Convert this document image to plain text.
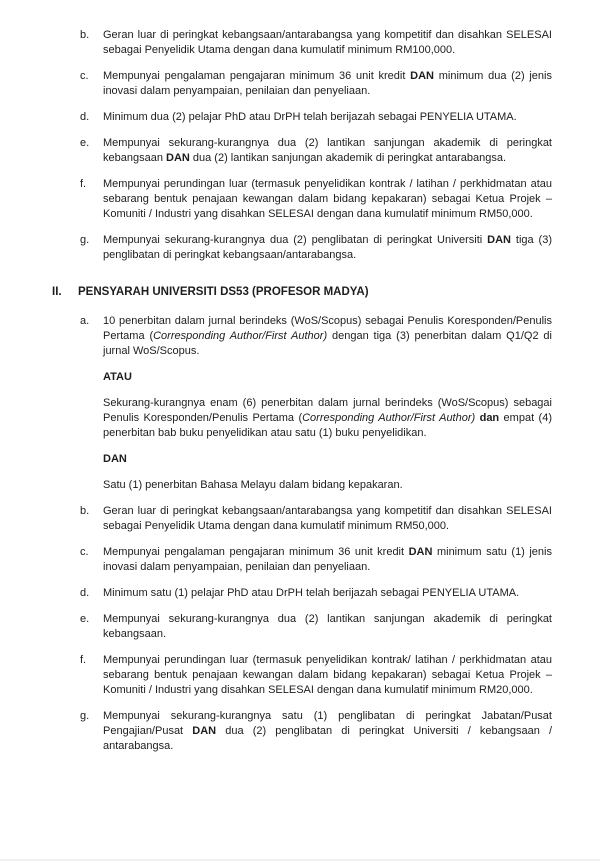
b.	Geran luar di peringkat kebangsaan/antarabangsa yang kompetitif dan disahkan SELESAI sebagai Penyelidik Utama dengan dana kumulatif minimum RM100,000.

c.	Mempunyai pengalaman pengajaran minimum 36 unit kredit DAN minimum dua (2) jenis inovasi dalam penyampaian, penilaian dan penyeliaan.

d.	Minimum dua (2) pelajar PhD atau DrPH telah berijazah sebagai PENYELIA UTAMA.

e.	Mempunyai sekurang-kurangnya dua (2) lantikan sanjungan akademik di peringkat kebangsaan DAN dua (2) lantikan sanjungan akademik di peringkat antarabangsa.

f.	Mempunyai perundingan luar (termasuk penyelidikan kontrak / latihan / perkhidmatan atau sebarang bentuk penajaan kewangan dalam bidang kepakaran) sebagai Ketua Projek – Komuniti / Industri yang disahkan SELESAI dengan dana kumulatif minimum RM50,000.

g.	Mempunyai sekurang-kurangnya dua (2) penglibatan di peringkat Universiti DAN tiga (3) penglibatan di peringkat kebangsaan/antarabangsa.

II.	PENSYARAH UNIVERSITI DS53 (PROFESOR MADYA)
a.	10 penerbitan dalam jurnal berindeks (WoS/Scopus) sebagai Penulis Koresponden/Penulis Pertama (Corresponding Author/First Author) dengan tiga (3) penerbitan dalam Q1/Q2 di jurnal WoS/Scopus.

ATAU

Sekurang-kurangnya enam (6) penerbitan dalam jurnal berindeks (WoS/Scopus) sebagai Penulis Koresponden/Penulis Pertama (Corresponding Author/First Author) dan empat (4) penerbitan bab buku penyelidikan atau satu (1) buku penyelidikan.

DAN

Satu (1) penerbitan Bahasa Melayu dalam bidang kepakaran.

b.	Geran luar di peringkat kebangsaan/antarabangsa yang kompetitif dan disahkan SELESAI sebagai Penyelidik Utama dengan dana kumulatif minimum RM50,000.

c.	Mempunyai pengalaman pengajaran minimum 36 unit kredit DAN minimum satu (1) jenis inovasi dalam penyampaian, penilaian dan penyeliaan.

d.	Minimum satu (1) pelajar PhD atau DrPH telah berijazah sebagai PENYELIA UTAMA.

e.	Mempunyai sekurang-kurangnya dua (2) lantikan sanjungan akademik di peringkat kebangsaan.

f.	Mempunyai perundingan luar (termasuk penyelidikan kontrak/ latihan / perkhidmatan atau sebarang bentuk penajaan kewangan dalam bidang kepakaran) sebagai Ketua Projek – Komuniti / Industri yang disahkan SELESAI dengan dana kumulatif minimum RM20,000.

g.	Mempunyai sekurang-kurangnya satu (1) penglibatan di peringkat Jabatan/Pusat Pengajian/Pusat DAN dua (2) penglibatan di peringkat Universiti / kebangsaan / antarabangsa.
